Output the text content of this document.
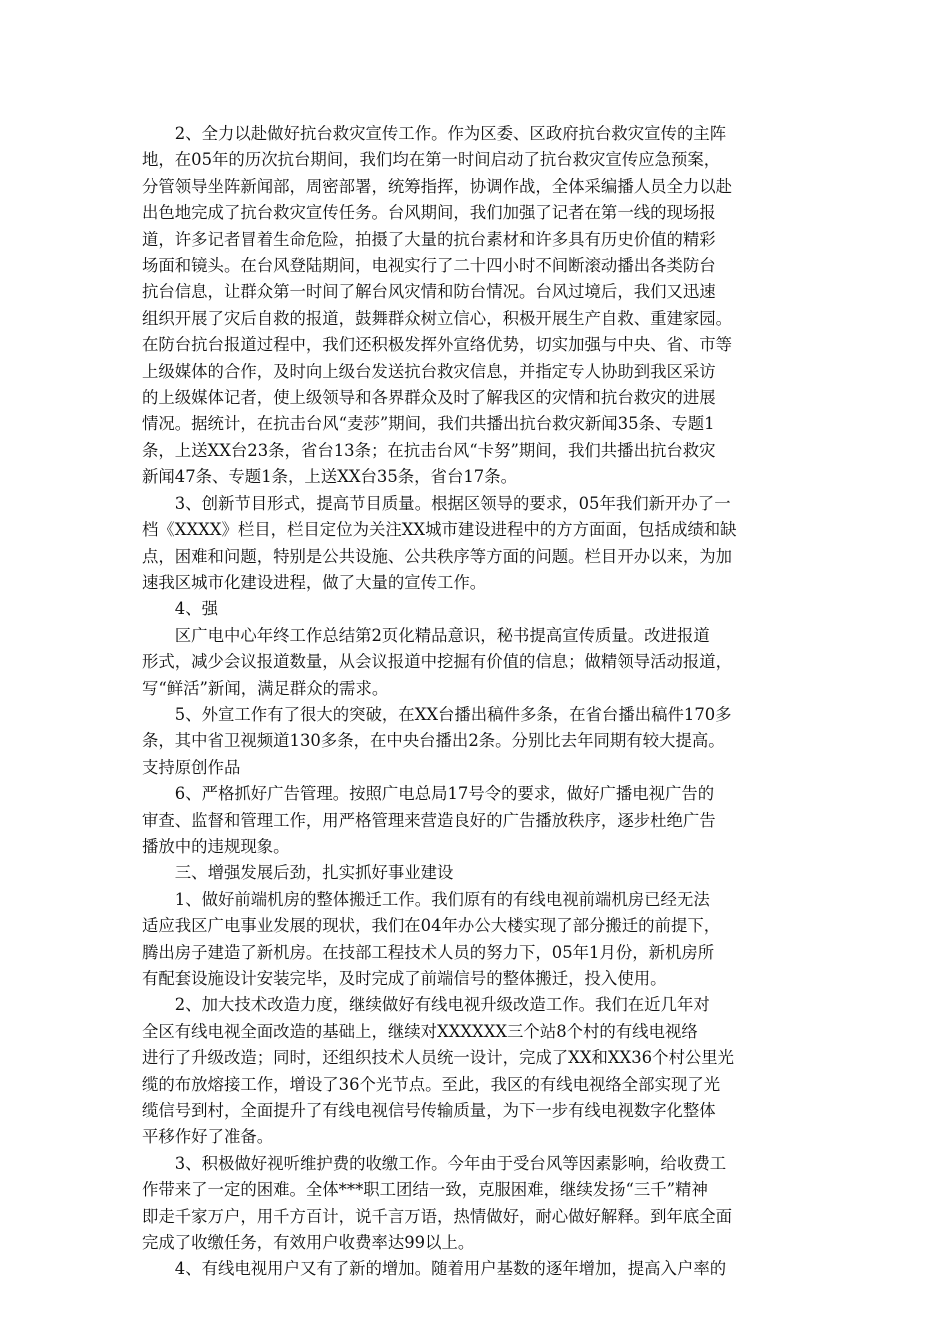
2、全力以赴做好抗台救灾宣传工作。作为区委、区政府抗台救灾宣传的主阵
地，在05年的历次抗台期间，我们均在第一时间启动了抗台救灾宣传应急预案，
分管领导坐阵新闻部，周密部署，统筹指挥，协调作战，全体采编播人员全力以赴
出色地完成了抗台救灾宣传任务。台风期间，我们加强了记者在第一线的现场报
道，许多记者冒着生命危险，拍摄了大量的抗台素材和许多具有历史价值的精彩
场面和镜头。在台风登陆期间，电视实行了二十四小时不间断滚动播出各类防台
抗台信息，让群众第一时间了解台风灾情和防台情况。台风过境后，我们又迅速
组织开展了灾后自救的报道，鼓舞群众树立信心，积极开展生产自救、重建家园。
在防台抗台报道过程中，我们还积极发挥外宣络优势，切实加强与中央、省、市等
上级媒体的合作，及时向上级台发送抗台救灾信息，并指定专人协助到我区采访
的上级媒体记者，使上级领导和各界群众及时了解我区的灾情和抗台救灾的进展
情况。据统计，在抗击台风“麦莎”期间，我们共播出抗台救灾新闻35条、专题1
条，上送XX台23条，省台13条；在抗击台风“卡努”期间，我们共播出抗台救灾
新闻47条、专题1条，上送XX台35条，省台17条。

3、创新节目形式，提高节目质量。根据区领导的要求，05年我们新开办了一
档《XXXX》栏目，栏目定位为关注XX城市建设进程中的方方面面，包括成绩和缺
点，困难和问题，特别是公共设施、公共秩序等方面的问题。栏目开办以来，为加
速我区城市化建设进程，做了大量的宣传工作。

4、强

区广电中心年终工作总结第2页化精品意识，秘书提高宣传质量。改进报道
形式，减少会议报道数量，从会议报道中挖掘有价值的信息；做精领导活动报道，
写“鲜活”新闻，满足群众的需求。

5、外宣工作有了很大的突破，在XX台播出稿件多条，在省台播出稿件170多
条，其中省卫视频道130多条，在中央台播出2条。分别比去年同期有较大提高。
支持原创作品

6、严格抓好广告管理。按照广电总局17号令的要求，做好广播电视广告的
审查、监督和管理工作，用严格管理来营造良好的广告播放秩序，逐步杜绝广告
播放中的违规现象。

三、增强发展后劲，扎实抓好事业建设

1、做好前端机房的整体搬迁工作。我们原有的有线电视前端机房已经无法
适应我区广电事业发展的现状，我们在04年办公大楼实现了部分搬迁的前提下，
腾出房子建造了新机房。在技部工程技术人员的努力下，05年1月份，新机房所
有配套设施设计安装完毕，及时完成了前端信号的整体搬迁，投入使用。

2、加大技术改造力度，继续做好有线电视升级改造工作。我们在近几年对
全区有线电视全面改造的基础上，继续对XXXXXX三个站8个村的有线电视络
进行了升级改造；同时，还组织技术人员统一设计，完成了XX和XX36个村公里光
缆的布放熔接工作，增设了36个光节点。至此，我区的有线电视络全部实现了光
缆信号到村，全面提升了有线电视信号传输质量，为下一步有线电视数字化整体
平移作好了准备。

3、积极做好视听维护费的收缴工作。今年由于受台风等因素影响，给收费工
作带来了一定的困难。全体***职工团结一致，克服困难，继续发扬“三千”精神
即走千家万户，用千方百计，说千言万语，热情做好，耐心做好解释。到年底全面
完成了收缴任务，有效用户收费率达99以上。

4、有线电视用户又有了新的增加。随着用户基数的逐年增加，提高入户率的
